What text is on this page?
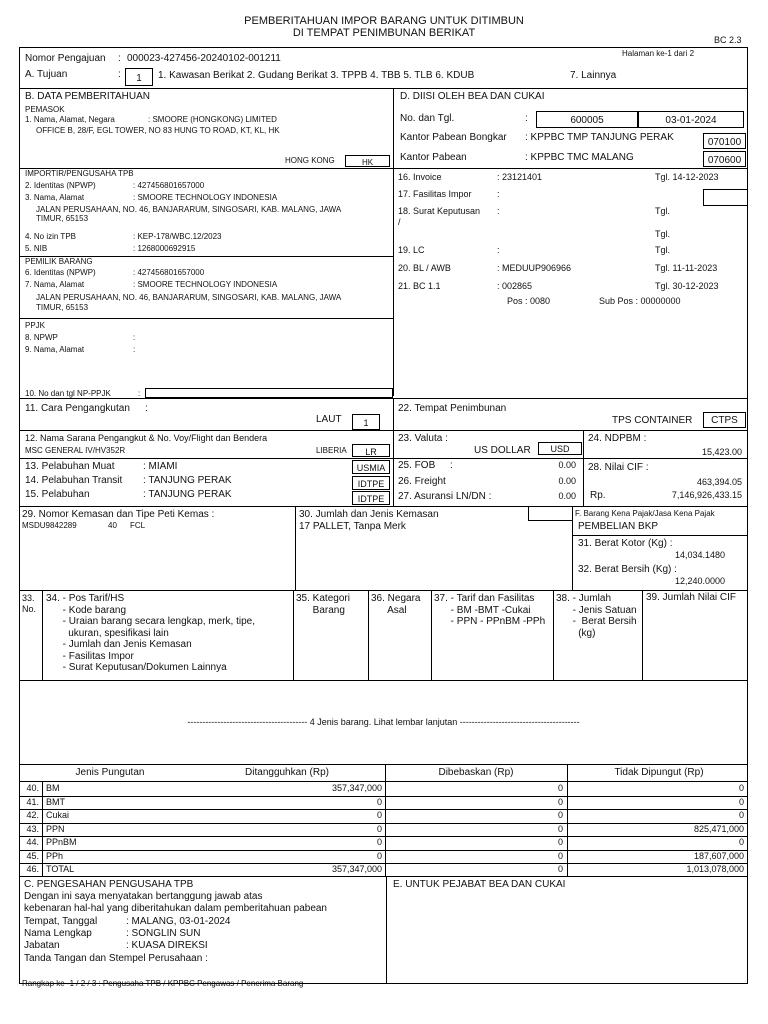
PEMBERITAHUAN IMPOR BARANG UNTUK DITIMBUN
DI TEMPAT PENIMBUNAN BERIKAT
BC 2.3
Halaman ke-1 dari 2
Nomor Pengajuan : 000023-427456-20240102-001211
A. Tujuan	:	1	1. Kawasan Berikat 2. Gudang Berikat 3. TPPB 4. TBB 5. TLB 6. KDUB	7. Lainnya
B. DATA PEMBERITAHUAN	D. DIISI OLEH BEA DAN CUKAI
PEMASOK
1. Nama, Alamat, Negara	: SMOORE (HONGKONG) LIMITED
OFFICE B, 28/F, EGL TOWER, NO 83 HUNG TO ROAD, KT, KL, HK
HONG KONG	HK
No. dan Tgl.	:	600005	03-01-2024
Kantor Pabean Bongkar : KPPBC TMP TANJUNG PERAK	070100
Kantor Pabean	: KPPBC TMC MALANG	070600
IMPORTIR/PENGUSAHA TPB
2. Identitas (NPWP)	: 427456801657000
3. Nama, Alamat	: SMOORE TECHNOLOGY INDONESIA
JALAN PERUSAHAAN, NO. 46, BANJARARUM, SINGOSARI, KAB. MALANG, JAWA
TIMUR, 65153
4. No izin TPB	: KEP-178/WBC.12/2023
5. NIB	: 1268000692915
PEMILIK BARANG
6. Identitas (NPWP)	: 427456801657000
7. Nama, Alamat	: SMOORE TECHNOLOGY INDONESIA
JALAN PERUSAHAAN, NO. 46, BANJARARUM, SINGOSARI, KAB. MALANG, JAWA
TIMUR, 65153
PPJK
8. NPWP	:
9. Nama, Alamat	:
10. No dan tgl NP-PPJK	:
16. Invoice	: 23121401	Tgl. 14-12-2023
17. Fasilitas Impor	:
18. Surat Keputusan :	Tgl.
/
Tgl.
19. LC	:	Tgl.
20. BL / AWB	: MEDUUP906966	Tgl. 11-11-2023
21. BC 1.1	: 002865	Tgl. 30-12-2023
Pos : 0080	Sub Pos : 00000000
11. Cara Pengangkutan :
LAUT	1
22. Tempat Penimbunan
TPS CONTAINER	CTPS
12. Nama Sarana Pengangkut & No. Voy/Flight dan Bendera
MSC GENERAL IV/HV352R	LIBERIA	LR
23. Valuta :
US DOLLAR	USD
24. NDPBM :
15,423.00
13. Pelabuhan Muat	: MIAMI	USMIA
14. Pelabuhan Transit : TANJUNG PERAK	IDTPE
15. Pelabuhan	: TANJUNG PERAK	IDTPE
25. FOB :	0.00
26. Freight	0.00
27. Asuransi LN/DN :	0.00
28. Nilai CIF :
463,394.05
Rp.	7,146,926,433.15
29. Nomor Kemasan dan Tipe Peti Kemas :
MSDU9842289	40 FCL
30. Jumlah dan Jenis Kemasan
17 PALLET, Tanpa Merk
F. Barang Kena Pajak/Jasa Kena Pajak
PEMBELIAN BKP
31. Berat Kotor (Kg) :
14,034.1480
32. Berat Bersih (Kg) :
12,240.0000
33.
No.
34. - Pos Tarif/HS
- Kode barang
- Uraian barang secara lengkap, merk, tipe,
ukuran, spesifikasi lain
- Jumlah dan Jenis Kemasan
- Fasilitas Impor
- Surat Keputusan/Dokumen Lainnya
35. Kategori
Barang
36. Negara
Asal
37. - Tarif dan Fasilitas
- BM -BMT -Cukai
- PPN - PPnBM -PPh
38. - Jumlah
- Jenis Satuan
-  Berat Bersih
(kg)
39. Jumlah Nilai CIF
---------------------------------------- 4 Jenis barang. Lihat lembar lanjutan ----------------------------------------
Jenis Pungutan	Ditangguhkan (Rp)	Dibebaskan (Rp)	Tidak Dipungut (Rp)
40. BM	357,347,000	0	0
41. BMT	0	0	0
42. Cukai	0	0	0
43. PPN	0	0	825,471,000
44. PPnBM	0	0	0
45. PPh	0	0	187,607,000
46. TOTAL	357,347,000	0	1,013,078,000
C. PENGESAHAN PENGUSAHA TPB
Dengan ini saya menyatakan bertanggung jawab atas
kebenaran hal-hal yang diberitahukan dalam pemberitahuan pabean
Tempat, Tanggal	: MALANG, 03-01-2024
Nama Lengkap	: SONGLIN SUN
Jabatan	: KUASA DIREKSI
Tanda Tangan dan Stempel Perusahaan :
E. UNTUK PEJABAT BEA DAN CUKAI
Rangkap ke -1 / 2 / 3 : Pengusaha TPB / KPPBC Pengawas / Penerima Barang
